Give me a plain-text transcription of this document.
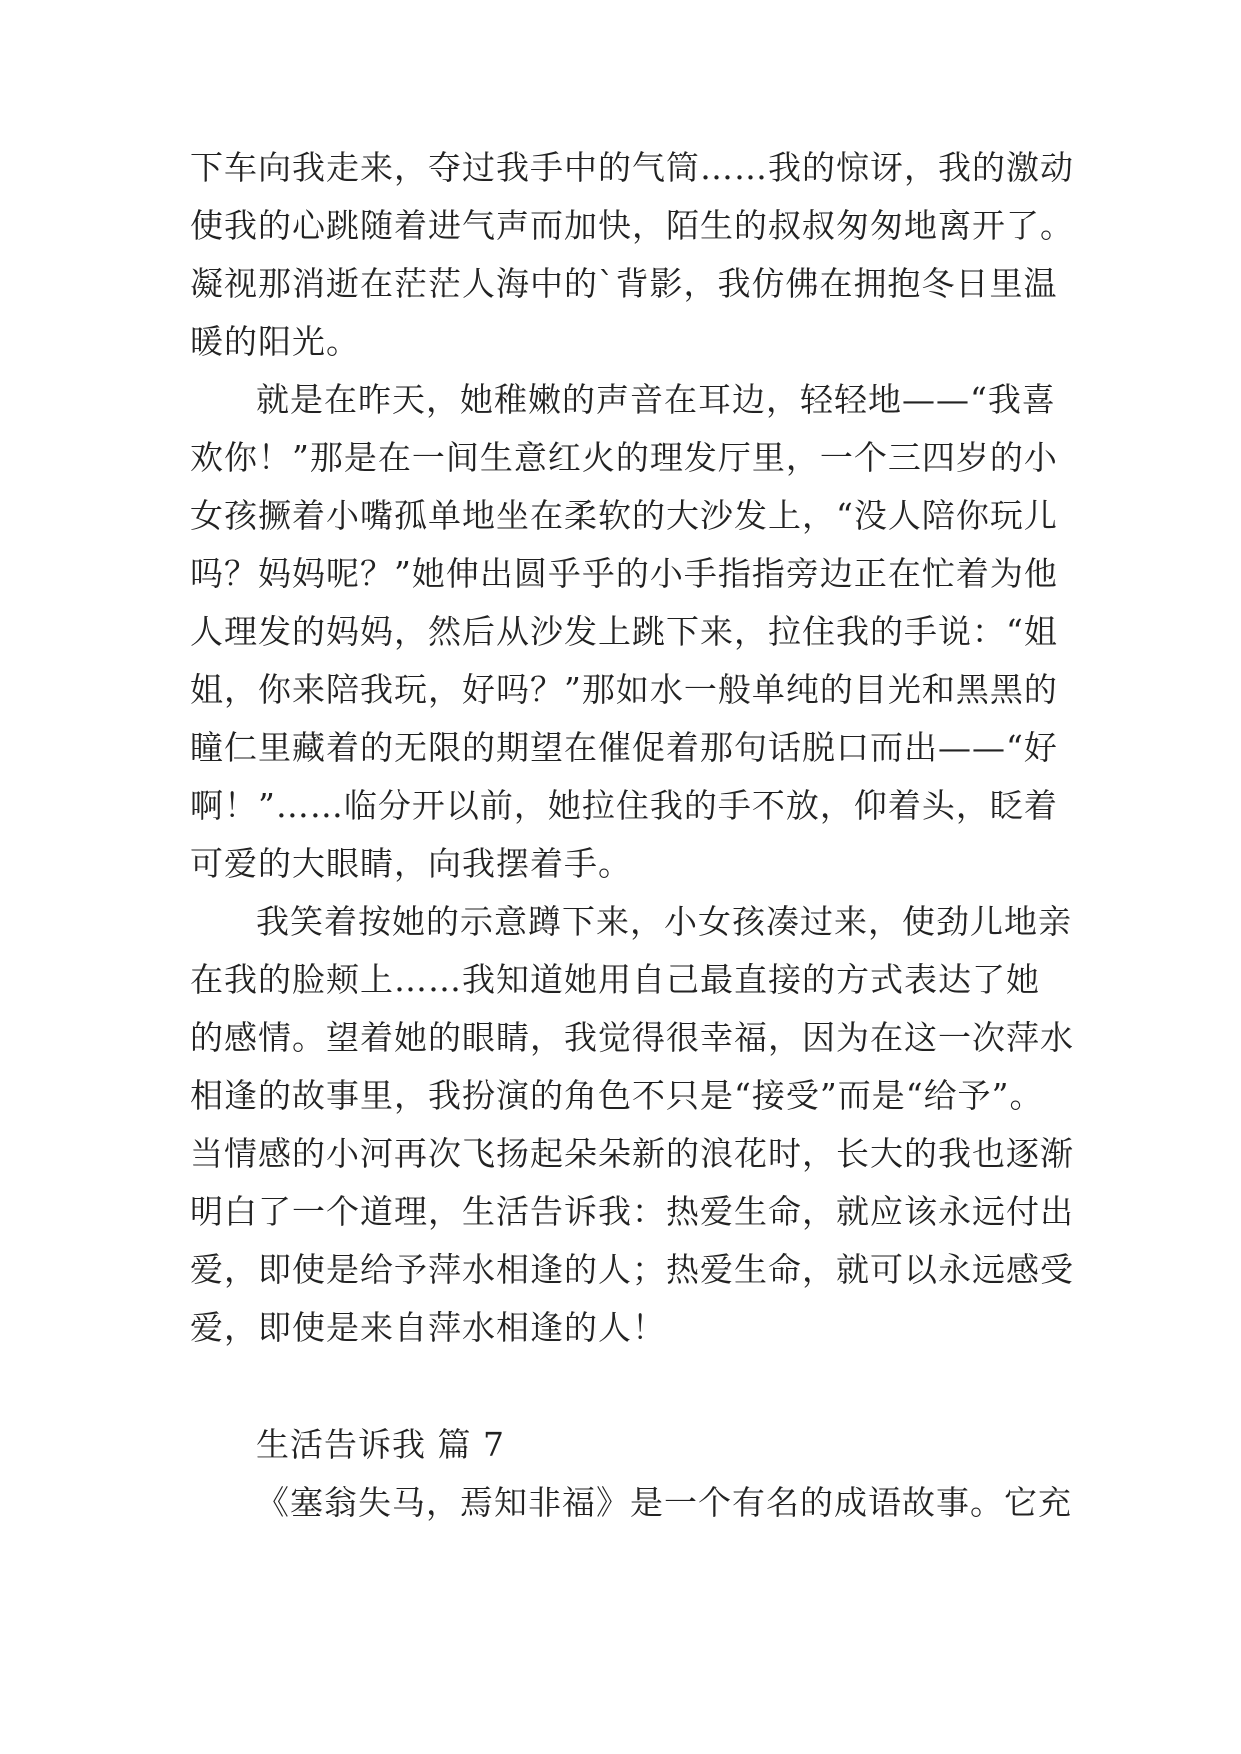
下车向我走来，夺过我手中的气筒……我的惊讶，我的激动
使我的心跳随着进气声而加快，陌生的叔叔匆匆地离开了。
凝视那消逝在茫茫人海中的`背影，我仿佛在拥抱冬日里温
暖的阳光。
就是在昨天，她稚嫩的声音在耳边，轻轻地——“我喜
欢你！”那是在一间生意红火的理发厅里，一个三四岁的小
女孩撅着小嘴孤单地坐在柔软的大沙发上，“没人陪你玩儿
吗？妈妈呢？”她伸出圆乎乎的小手指指旁边正在忙着为他
人理发的妈妈，然后从沙发上跳下来，拉住我的手说：“姐
姐，你来陪我玩，好吗？”那如水一般单纯的目光和黑黑的
瞳仁里藏着的无限的期望在催促着那句话脱口而出——“好
啊！”……临分开以前，她拉住我的手不放，仰着头，眨着
可爱的大眼睛，向我摆着手。
我笑着按她的示意蹲下来，小女孩凑过来，使劲儿地亲
在我的脸颊上……我知道她用自己最直接的方式表达了她
的感情。望着她的眼睛，我觉得很幸福，因为在这一次萍水
相逢的故事里，我扮演的角色不只是“接受”而是“给予”。
当情感的小河再次飞扬起朵朵新的浪花时，长大的我也逐渐
明白了一个道理，生活告诉我：热爱生命，就应该永远付出
爱，即使是给予萍水相逢的人；热爱生命，就可以永远感受
爱，即使是来自萍水相逢的人！
生活告诉我 篇 7
《塞翁失马，焉知非福》是一个有名的成语故事。它充
